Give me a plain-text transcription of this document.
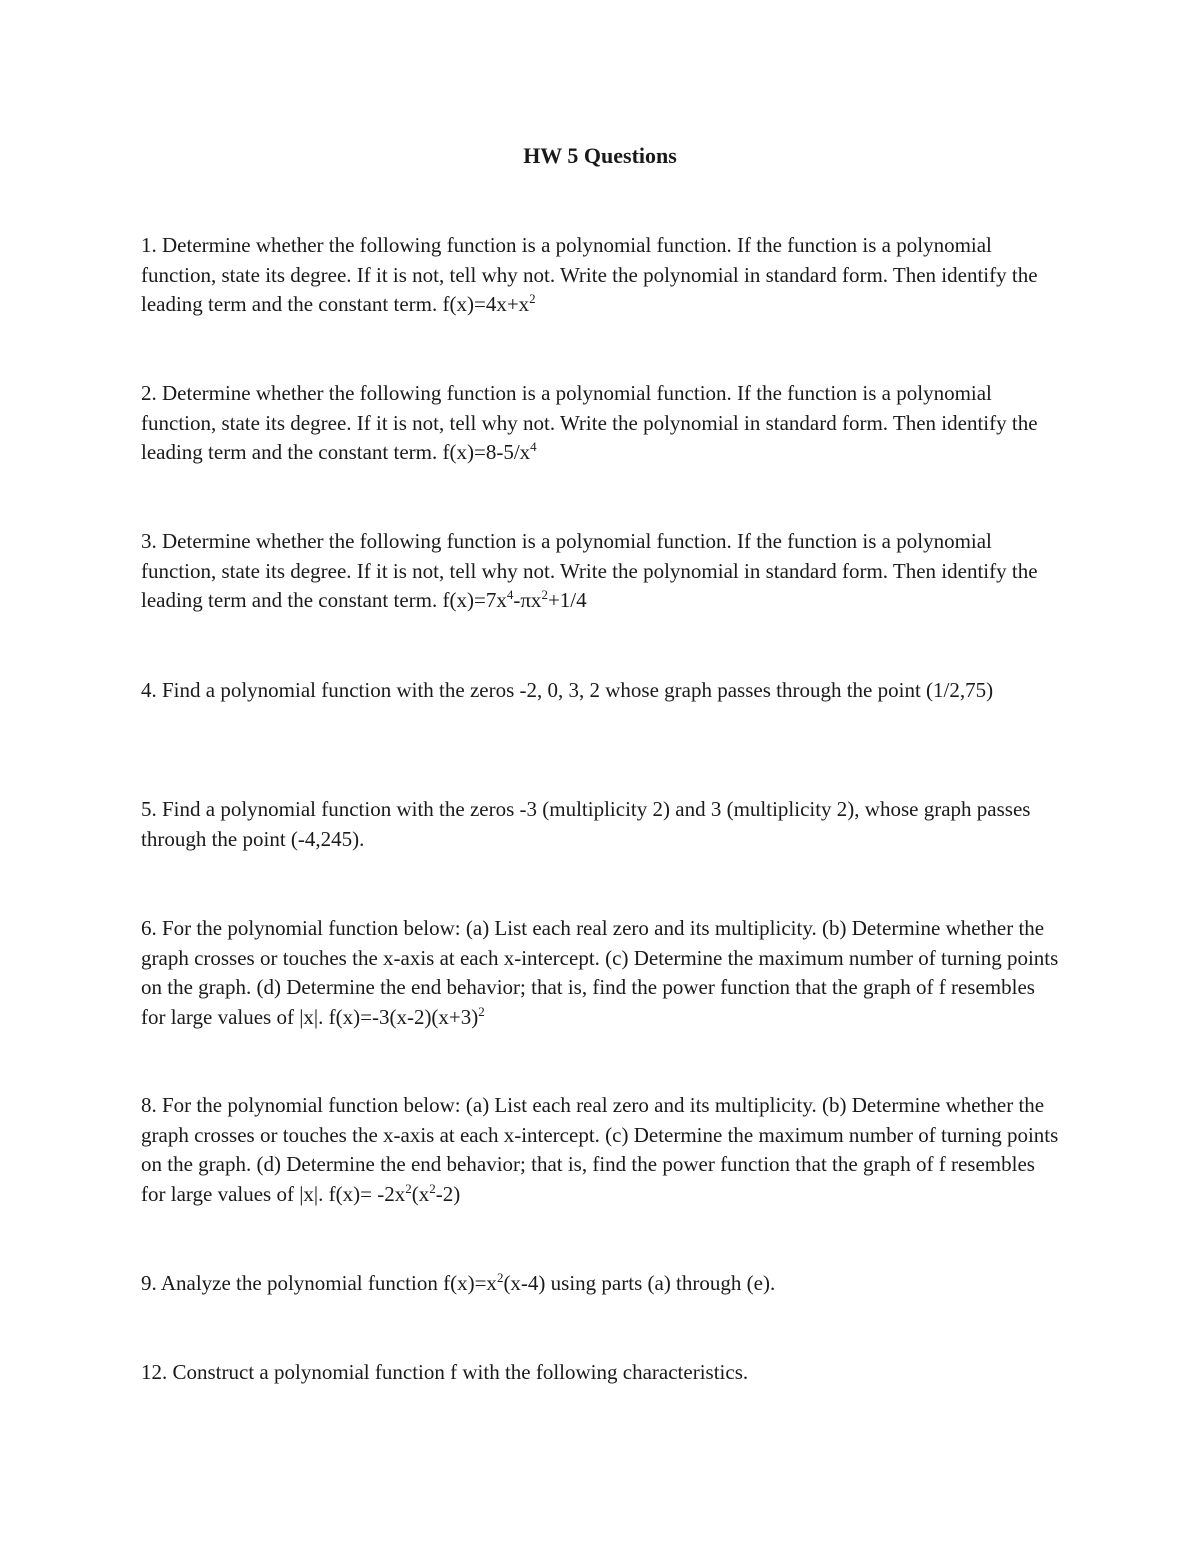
HW 5 Questions
1. Determine whether the following function is a polynomial function. If the function is a polynomial function, state its degree. If it is not, tell why not. Write the polynomial in standard form. Then identify the leading term and the constant term. $f(x)=4x+x^2$
2. Determine whether the following function is a polynomial function. If the function is a polynomial function, state its degree. If it is not, tell why not. Write the polynomial in standard form. Then identify the leading term and the constant term. $f(x)=8-5/x^4$
3. Determine whether the following function is a polynomial function. If the function is a polynomial function, state its degree. If it is not, tell why not. Write the polynomial in standard form. Then identify the leading term and the constant term. $f(x)=7x^4-\pi x^2+1/4$
4. Find a polynomial function with the zeros -2, 0, 3, 2 whose graph passes through the point (1/2,75)
5. Find a polynomial function with the zeros -3 (multiplicity 2) and 3 (multiplicity 2), whose graph passes through the point (-4,245).
6. For the polynomial function below: (a) List each real zero and its multiplicity. (b) Determine whether the graph crosses or touches the x-axis at each x-intercept. (c) Determine the maximum number of turning points on the graph. (d) Determine the end behavior; that is, find the power function that the graph of f resembles for large values of |x|. $f(x)=-3(x-2)(x+3)^2$
8. For the polynomial function below: (a) List each real zero and its multiplicity. (b) Determine whether the graph crosses or touches the x-axis at each x-intercept. (c) Determine the maximum number of turning points on the graph. (d) Determine the end behavior; that is, find the power function that the graph of f resembles for large values of |x|. $f(x)= -2x^2(x^2-2)$
9. Analyze the polynomial function $f(x)=x^2(x-4)$ using parts (a) through (e).
12. Construct a polynomial function f with the following characteristics.
